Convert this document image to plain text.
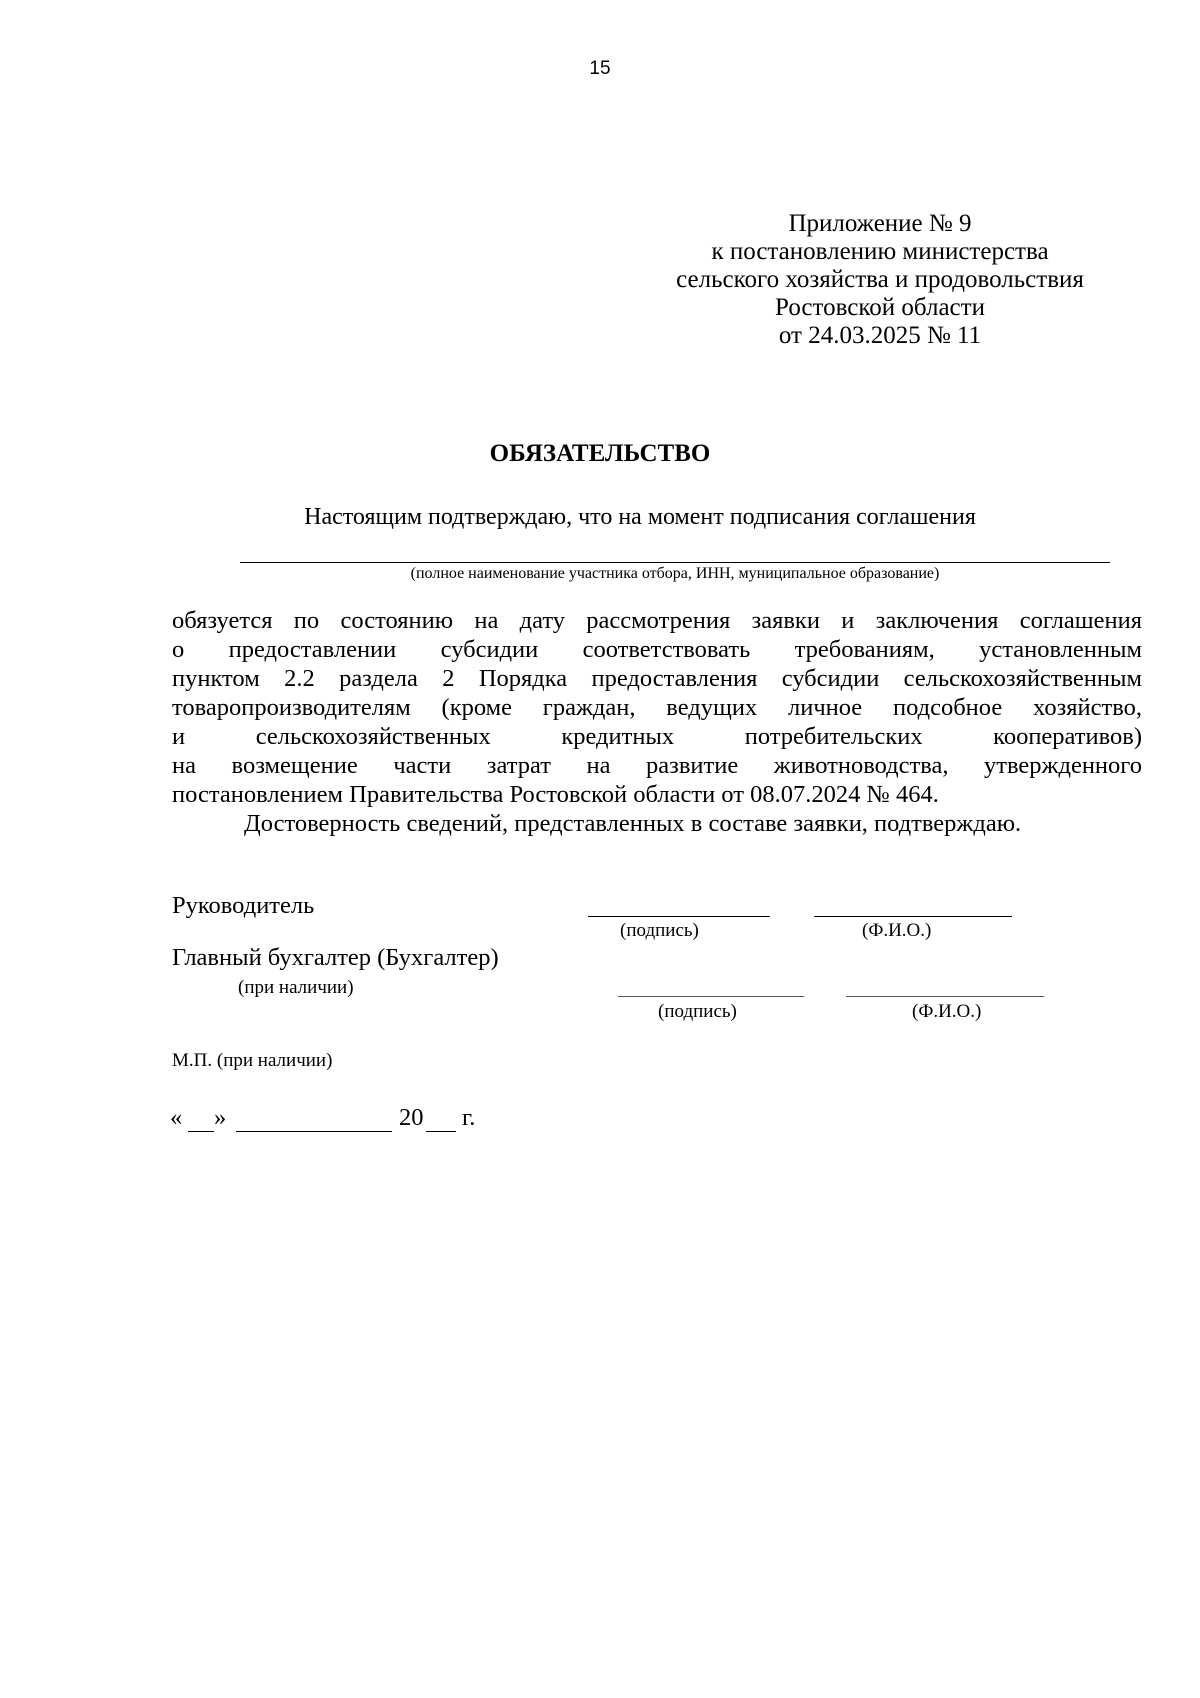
15
Приложение № 9
к постановлению министерства
сельского хозяйства и продовольствия
Ростовской области
от 24.03.2025 № 11
ОБЯЗАТЕЛЬСТВО
Настоящим подтверждаю, что на момент подписания соглашения
(полное наименование участника отбора, ИНН, муниципальное образование)
обязуется по состоянию на дату рассмотрения заявки и заключения соглашения
о предоставлении субсидии соответствовать требованиям, установленным
пунктом 2.2 раздела 2 Порядка предоставления субсидии сельскохозяйственным
товаропроизводителям (кроме граждан, ведущих личное подсобное хозяйство,
и сельскохозяйственных кредитных потребительских кооперативов)
на возмещение части затрат на развитие животноводства, утвержденного
постановлением Правительства Ростовской области от 08.07.2024 № 464.
Достоверность сведений, представленных в составе заявки, подтверждаю.
Руководитель
(подпись)	(Ф.И.О.)
Главный бухгалтер (Бухгалтер)
(при наличии)
(подпись)	(Ф.И.О.)
М.П. (при наличии)
« »	20 г.
